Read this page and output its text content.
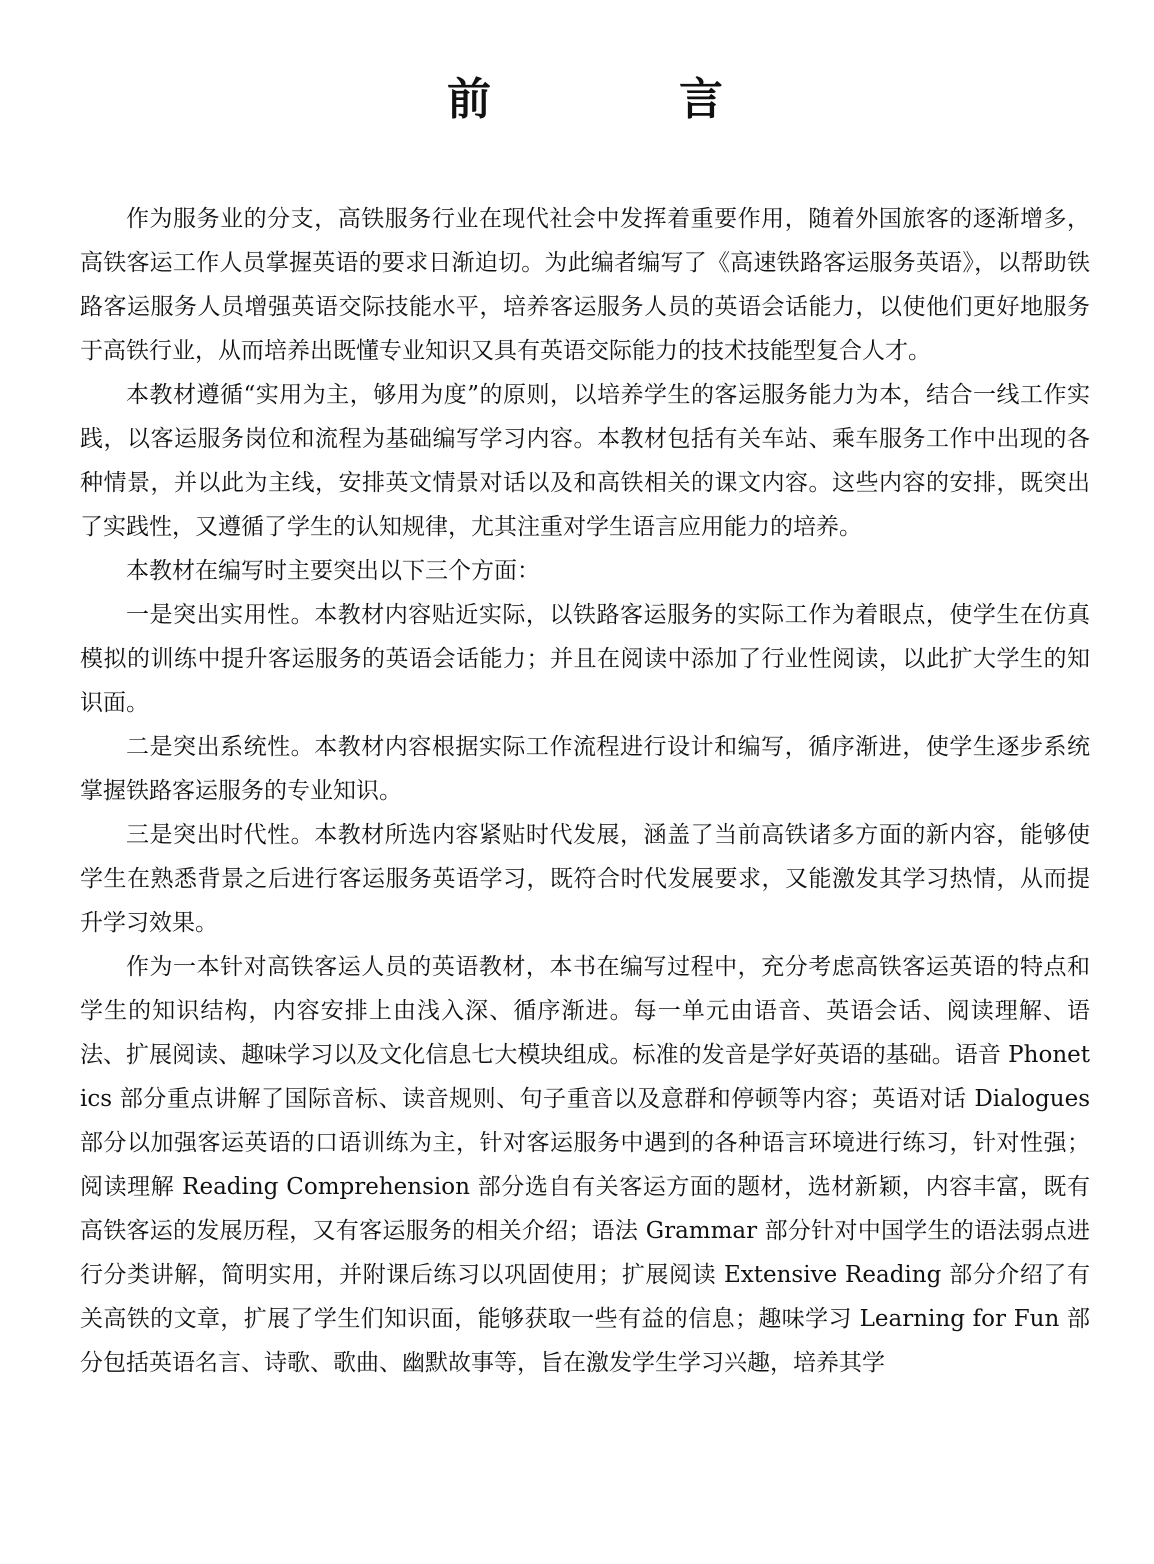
前　言

作为服务业的分支，高铁服务行业在现代社会中发挥着重要作用，随着外国旅客的逐渐增多，高铁客运工作人员掌握英语的要求日渐迫切。为此编者编写了《高速铁路客运服务英语》，以帮助铁路客运服务人员增强英语交际技能水平，培养客运服务人员的英语会话能力，以使他们更好地服务于高铁行业，从而培养出既懂专业知识又具有英语交际能力的技术技能型复合人才。

本教材遵循“实用为主，够用为度”的原则，以培养学生的客运服务能力为本，结合一线工作实践，以客运服务岗位和流程为基础编写学习内容。本教材包括有关车站、乘车服务工作中出现的各种情景，并以此为主线，安排英文情景对话以及和高铁相关的课文内容。这些内容的安排，既突出了实践性，又遵循了学生的认知规律，尤其注重对学生语言应用能力的培养。

本教材在编写时主要突出以下三个方面：

一是突出实用性。本教材内容贴近实际，以铁路客运服务的实际工作为着眼点，使学生在仿真模拟的训练中提升客运服务的英语会话能力；并且在阅读中添加了行业性阅读，以此扩大学生的知识面。

二是突出系统性。本教材内容根据实际工作流程进行设计和编写，循序渐进，使学生逐步系统掌握铁路客运服务的专业知识。

三是突出时代性。本教材所选内容紧贴时代发展，涵盖了当前高铁诸多方面的新内容，能够使学生在熟悉背景之后进行客运服务英语学习，既符合时代发展要求，又能激发其学习热情，从而提升学习效果。

作为一本针对高铁客运人员的英语教材，本书在编写过程中，充分考虑高铁客运英语的特点和学生的知识结构，内容安排上由浅入深、循序渐进。每一单元由语音、英语会话、阅读理解、语法、扩展阅读、趣味学习以及文化信息七大模块组成。标准的发音是学好英语的基础。语音 Phonetics 部分重点讲解了国际音标、读音规则、句子重音以及意群和停顿等内容；英语对话 Dialogues 部分以加强客运英语的口语训练为主，针对客运服务中遇到的各种语言环境进行练习，针对性强；阅读理解 Reading Comprehension 部分选自有关客运方面的题材，选材新颖，内容丰富，既有高铁客运的发展历程，又有客运服务的相关介绍；语法 Grammar 部分针对中国学生的语法弱点进行分类讲解，简明实用，并附课后练习以巩固使用；扩展阅读 Extensive Reading 部分介绍了有关高铁的文章，扩展了学生们知识面，能够获取一些有益的信息；趣味学习 Learning for Fun 部分包括英语名言、诗歌、歌曲、幽默故事等，旨在激发学生学习兴趣，培养其学
